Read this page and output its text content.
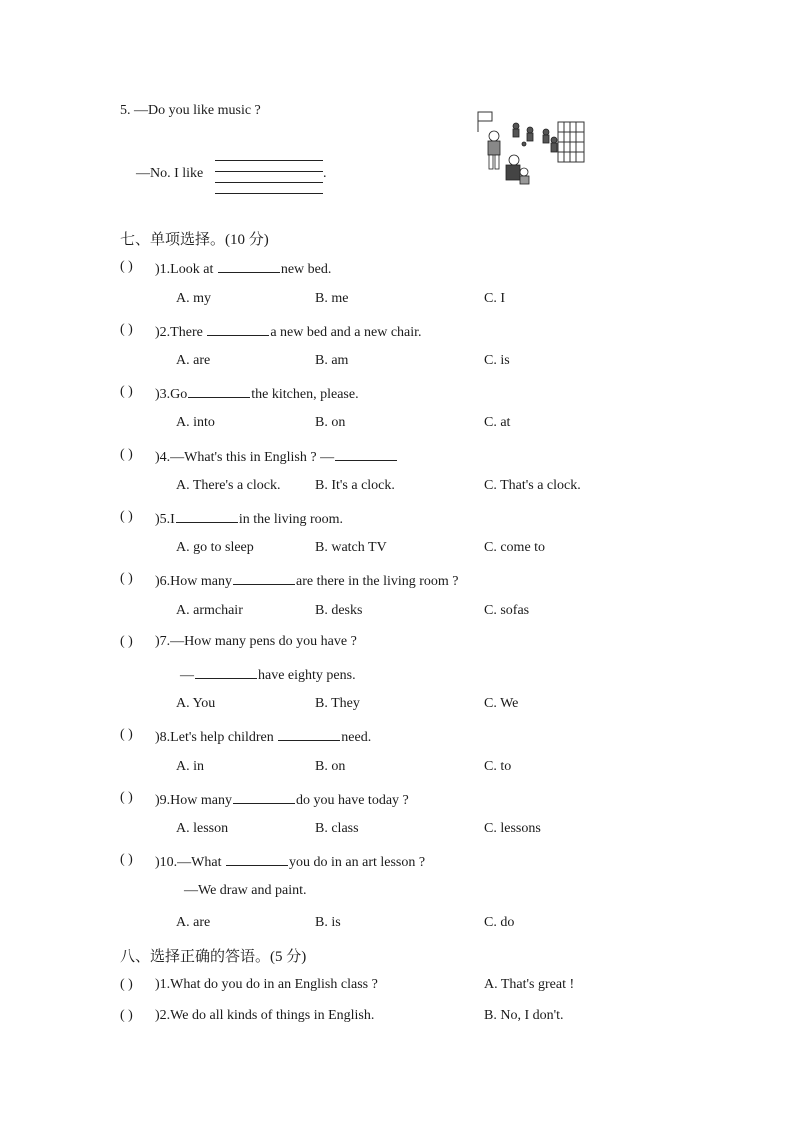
5. —Do you like music ?
—No. I like	.
七、单项选择。(10 分)
( ) )1.Look at	new bed.
A. my	B. me	C. I
( ) )2.There	a new bed and a new chair.
A. are	B. am	C. is
( ) )3.Go	the kitchen, please.
A. into	B. on	C. at
( ) )4.—What's this in English ? —
A. There's a clock. B. It's a clock.	C. That's a clock.
( ) )5.I	in the living room.
A. go to sleep	B. watch TV	C. come to
( ) )6.How many	are there in the living room ?
A. armchair	B. desks	C. sofas
( ) )7.—How many pens do you have ?
—	have eighty pens.
A. You	B. They	C. We
( ) )8.Let's help children	need.
A. in	B. on	C. to
( ) )9.How many	do you have today ?
A. lesson	B. class	C. lessons
( ) )10.—What	you do in an art lesson ?
—We draw and paint.
A. are	B. is	C. do
八、选择正确的答语。(5 分)
( ) )1.What do you do in an English class ?	A. That's great !
( ) )2.We do all kinds of things in English.	B. No, I don't.
